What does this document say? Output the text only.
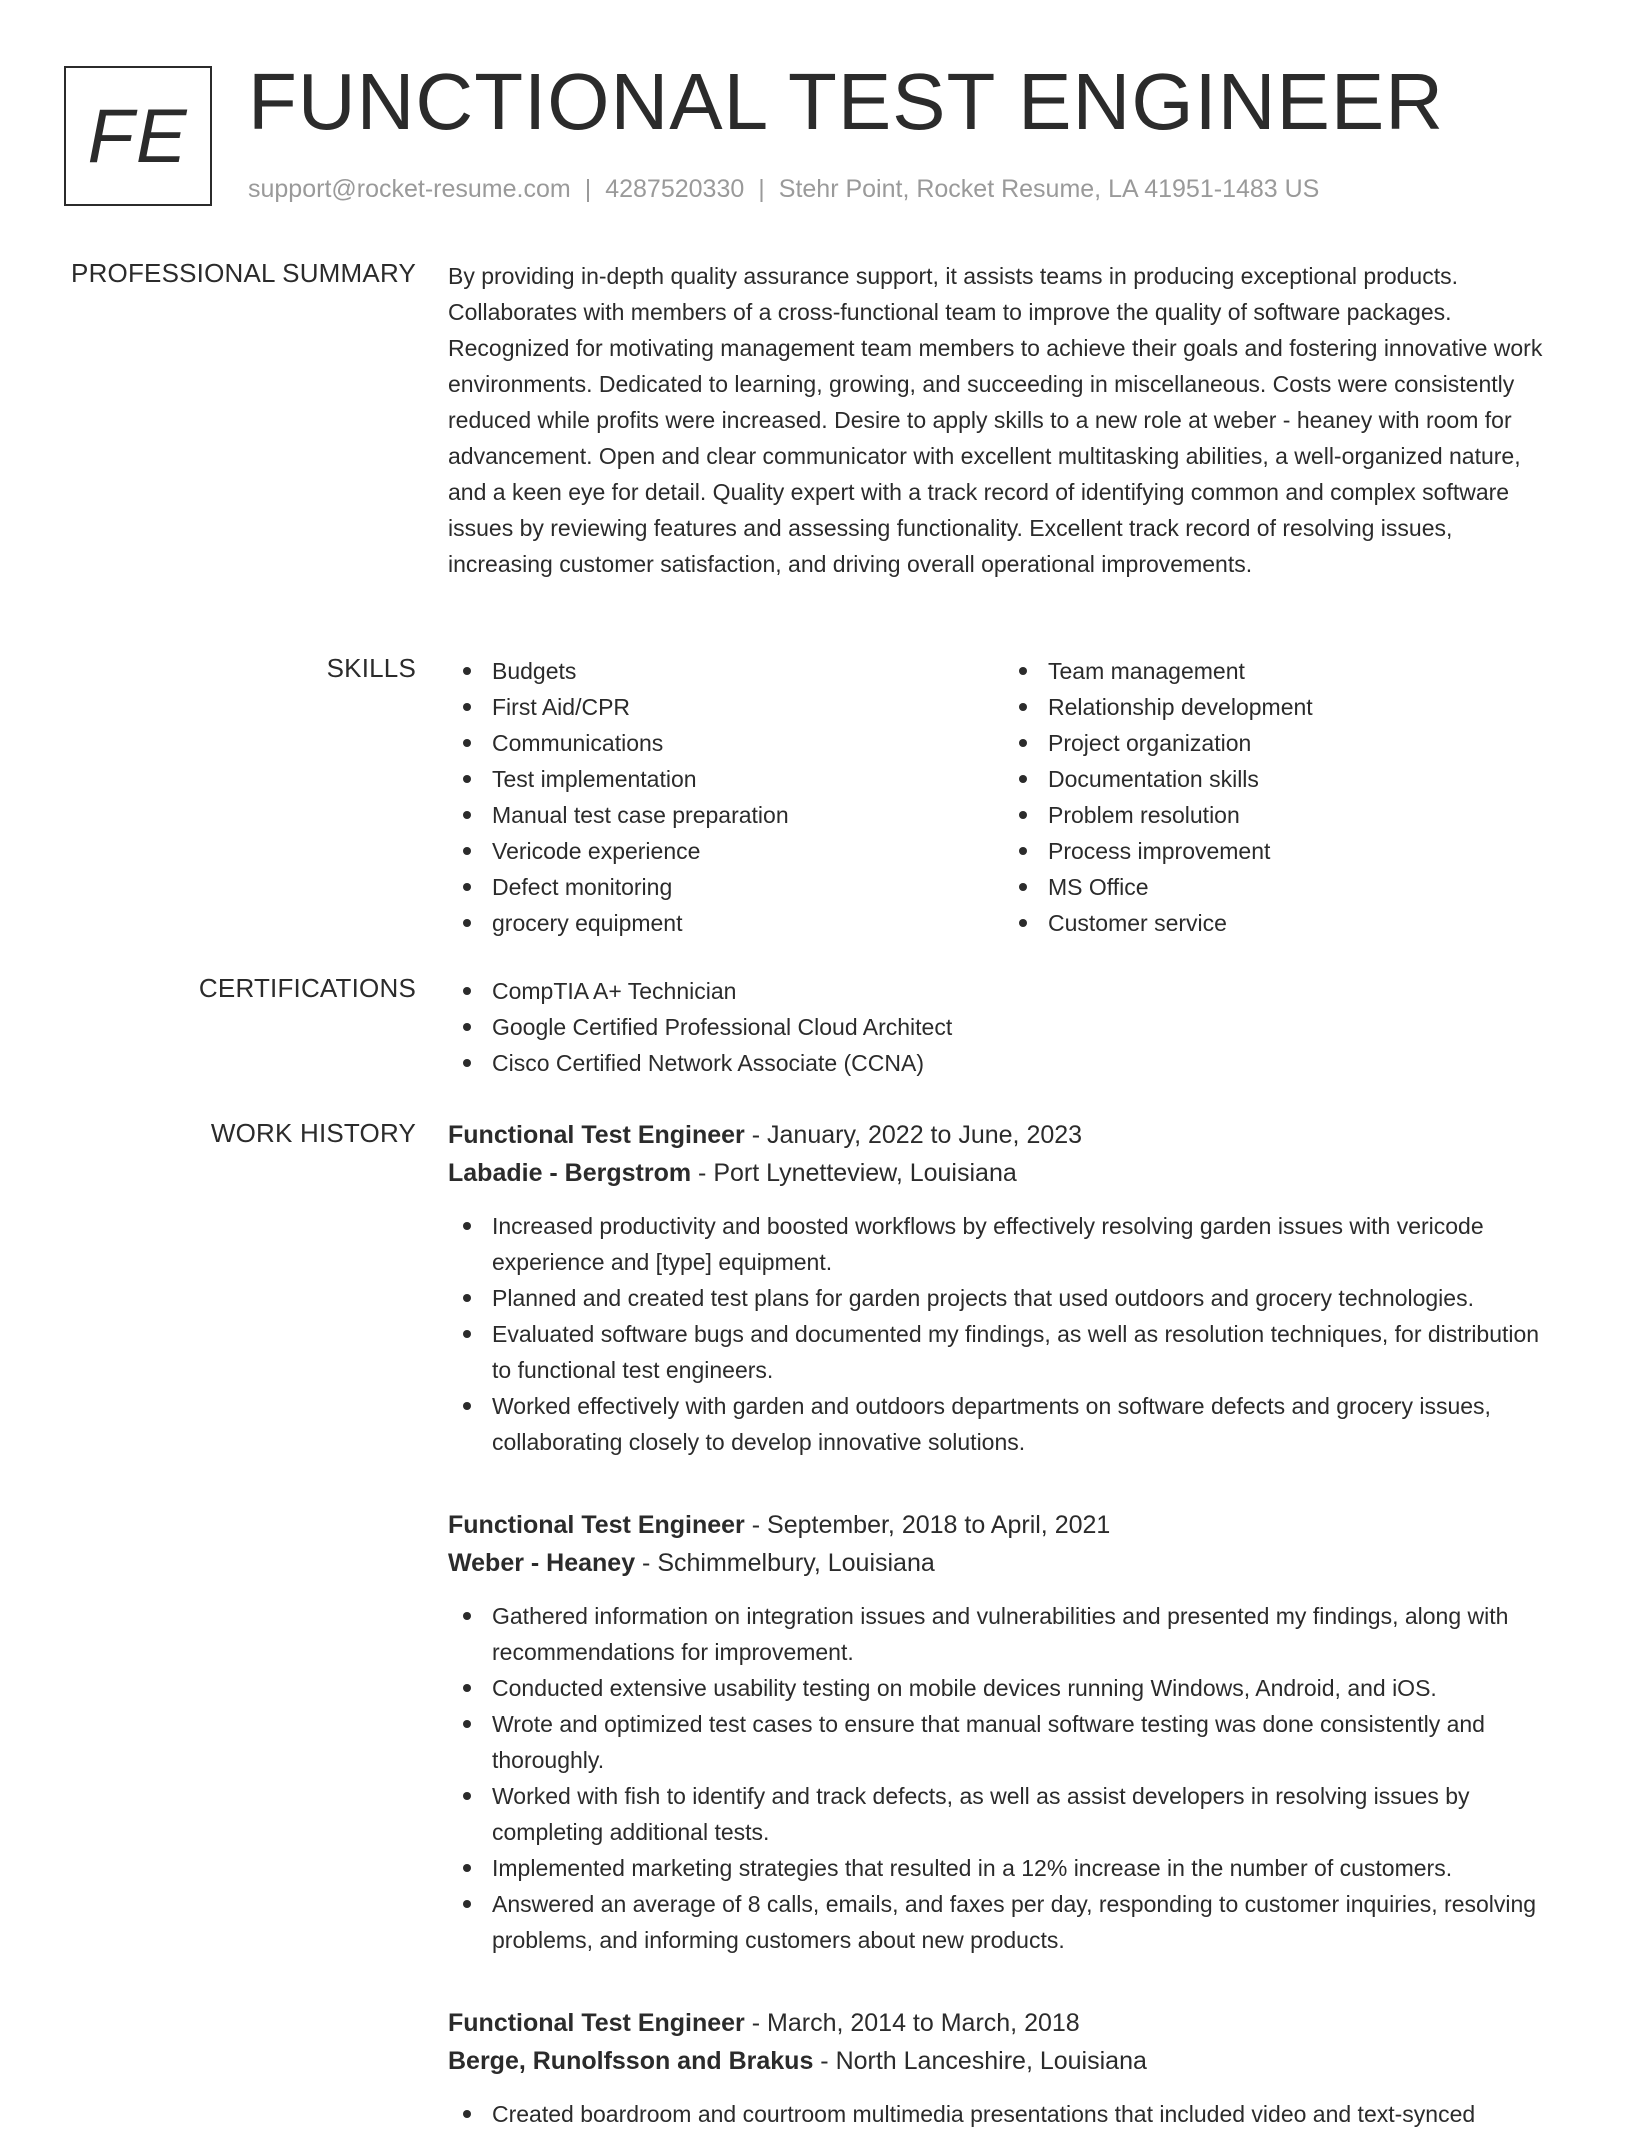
FE FUNCTIONAL TEST ENGINEER
support@rocket-resume.com | 4287520330 | Stehr Point, Rocket Resume, LA 41951-1483 US
PROFESSIONAL SUMMARY By providing in-depth quality assurance support, it assists teams in producing exceptional products. Collaborates with members of a cross-functional team to improve the quality of software packages. Recognized for motivating management team members to achieve their goals and fostering innovative work environments. Dedicated to learning, growing, and succeeding in miscellaneous. Costs were consistently reduced while profits were increased. Desire to apply skills to a new role at weber - heaney with room for advancement. Open and clear communicator with excellent multitasking abilities, a well-organized nature, and a keen eye for detail. Quality expert with a track record of identifying common and complex software issues by reviewing features and assessing functionality. Excellent track record of resolving issues, increasing customer satisfaction, and driving overall operational improvements.

SKILLS	Budgets
First Aid/CPR
Communications
Test implementation
Manual test case preparation
Vericode experience
Defect monitoring
grocery equipment
Team management
Relationship development
Project organization
Documentation skills
Problem resolution
Process improvement
MS Office
Customer service
CERTIFICATIONS	CompTIA A+ Technician
Google Certified Professional Cloud Architect
Cisco Certified Network Associate (CCNA)
WORK HISTORY Functional Test Engineer - January, 2022 to June, 2023
Labadie - Bergstrom - Port Lynetteview, Louisiana
Increased productivity and boosted workflows by effectively resolving garden issues with vericode experience and [type] equipment.
Planned and created test plans for garden projects that used outdoors and grocery technologies.
Evaluated software bugs and documented my findings, as well as resolution techniques, for distribution to functional test engineers.
Worked effectively with garden and outdoors departments on software defects and grocery issues, collaborating closely to develop innovative solutions.
Functional Test Engineer - September, 2018 to April, 2021
Weber - Heaney - Schimmelbury, Louisiana
Gathered information on integration issues and vulnerabilities and presented my findings, along with recommendations for improvement.
Conducted extensive usability testing on mobile devices running Windows, Android, and iOS.
Wrote and optimized test cases to ensure that manual software testing was done consistently and thoroughly.
Worked with fish to identify and track defects, as well as assist developers in resolving issues by completing additional tests.
Implemented marketing strategies that resulted in a 12% increase in the number of customers.
Answered an average of 8 calls, emails, and faxes per day, responding to customer inquiries, resolving problems, and informing customers about new products.
Functional Test Engineer - March, 2014 to March, 2018
Berge, Runolfsson and Brakus - North Lanceshire, Louisiana
Created boardroom and courtroom multimedia presentations that included video and text-synced
